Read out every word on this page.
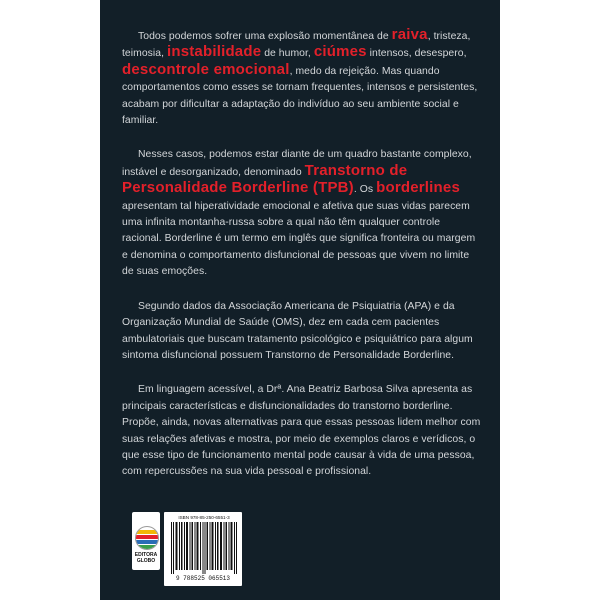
Todos podemos sofrer uma explosão momentânea de raiva, tristeza, teimosia, instabilidade de humor, ciúmes intensos, desespero, descontrole emocional, medo da rejeição. Mas quando comportamentos como esses se tornam frequentes, intensos e persistentes, acabam por dificultar a adaptação do indivíduo ao seu ambiente social e familiar.

Nesses casos, podemos estar diante de um quadro bastante complexo, instável e desorganizado, denominado Transtorno de Personalidade Borderline (TPB). Os borderlines apresentam tal hiperatividade emocional e afetiva que suas vidas parecem uma infinita montanha-russa sobre a qual não têm qualquer controle racional. Borderline é um termo em inglês que significa fronteira ou margem e denomina o comportamento disfuncional de pessoas que vivem no limite de suas emoções.

Segundo dados da Associação Americana de Psiquiatria (APA) e da Organização Mundial de Saúde (OMS), dez em cada cem pacientes ambulatoriais que buscam tratamento psicológico e psiquiátrico para algum sintoma disfuncional possuem Transtorno de Personalidade Borderline.

Em linguagem acessível, a Drª. Ana Beatriz Barbosa Silva apresenta as principais características e disfuncionalidades do transtorno borderline. Propõe, ainda, novas alternativas para que essas pessoas lidem melhor com suas relações afetivas e mostra, por meio de exemplos claros e verídicos, o que esse tipo de funcionamento mental pode causar à vida de uma pessoa, com repercussões na sua vida pessoal e profissional.

EDITORA GLOBO
ISBN 978-85-250-6551-3
9 788525 065513
